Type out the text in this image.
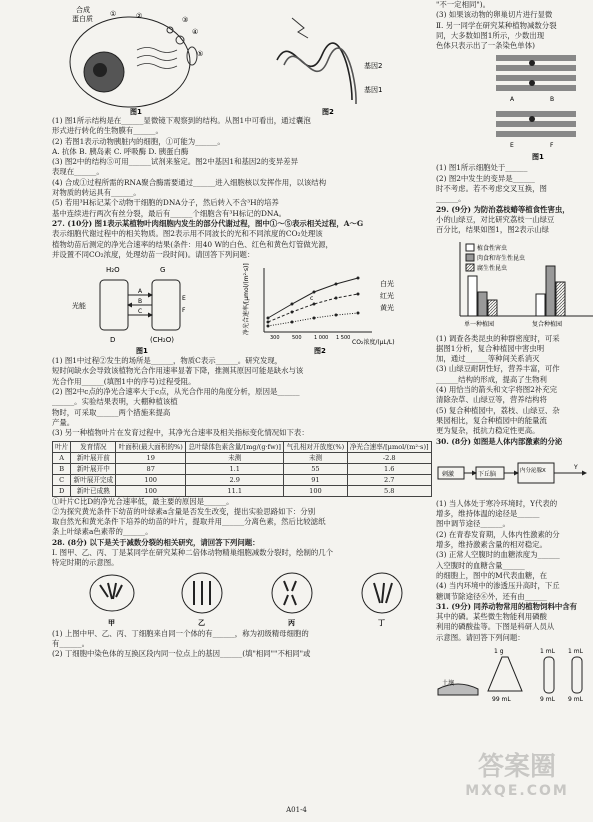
合成
蛋白质
①	②	③
④
⑤
基因2
基因1
图1	图2
(1) 图1所示结构是在______显微镜下观察到的结构。从图1中可看出，通过囊泡
形式进行转化的生物膜有______。
(2) 若图1表示动物胰脏内的细胞，①可能为______。
A. 抗体 B. 胰岛素 C. 呼吸酶 D. 胰蛋白酶
(3) 图2中的结构⑤可用______试剂来鉴定。图2中基因1和基因2的变异差异
表现在______。
(4) 合成①过程所需的RNA聚合酶需要通过______进入细胞核以发挥作用，以该结构
对物质的转运具有______。
(5) 若用³H标记某个动物干细胞的DNA分子，然后转入不含³H的培养
基中连续进行两次有丝分裂，最后有______个细胞含有³H标记的DNA。
27. (10分) 图1表示某植物叶肉细胞内发生的部分代谢过程，图中①～⑤表示相关过程，A～G
表示细胞代谢过程中的相关物质。图2表示用不同波长的光和不同浓度的CO₂处理该
植物幼苗后测定的净光合速率的结果(条件：用40 W的白色、红色和黄色灯管做光源，
并设置不同CO₂浓度，处理幼苗一段时间)。请回答下列问题：
H₂O	G
光能
A
B
C
E
F
D	(CH₂O)
图1
300 500 1 000 1 500
c
净光合速率/[μmol/(m²·s)]
CO₂浓度/(μL/L)
白光
红光
黄光
图2
(1) 图1中过程②发生的场所是______，物质C表示______。研究发现，
短时间缺水会导致该植物光合作用速率显著下降，推测其原因可能是缺水与该
光合作用______(填图1中的序号)过程受阻。
(2) 图2中c点的净光合速率大于c点，从光合作用的角度分析，原因是______
______。实验结果表明，大棚种植该植
物时，可采取______两个措施来提高
产量。
(3) 另一种植物叶片在发育过程中，其净光合速率及相关指标变化情况如下表：
叶片	发育情况	叶面积(最大面积的%)	总叶绿体色素含量/[mg/(g·fw)]	气孔相对开放度(%)	净光合速率/[μmol/(m²·s)]
A	新叶展开前	19	未测	未测	-2.8
B	新叶展开中	87	1.1	55	1.6
C	新叶展开完成	100	2.9	91	2.7
D	新叶已成熟	100	11.1	100	5.8
①叶片C比D的净光合速率低，最主要的原因是______。
②为探究黄光条件下幼苗的叶绿素a含量是否发生改变，提出实验思路如下：分别
取自然光和黄光条件下培养的幼苗的叶片，提取并用______分离色素，然后比较滤纸
条上叶绿素a色素带的______。
28. (8分) 以下是关于减数分裂的相关研究，请回答下列问题：
Ⅰ. 图甲、乙、丙、丁是某同学在研究某种二倍体动物精巢细胞减数分裂时，绘制的几个
特定时期的示意图。
甲	乙	丙	丁
(1) 上图中甲、乙、丙、丁细胞来自同一个体的有______，称为初级精母细胞的
有______。
(2) 丁细胞中染色体的互换区段内同一位点上的基因______(填"相同""不相同"或
"不一定相同")。
(3) 如果该动物的卵巢切片进行显微
Ⅱ. 另一同学在研究某种植物减数分裂
同，大多数如图1所示，少数出现
色体只表示出了一条染色单体)
A	B
E	F
图1
(1) 图1所示细胞处于______
(2) 图2中发生的变异是______
时不考虑。若不考虑交叉互换，图
______。
29. (9分) 为防治荔枝蝽等植食性害虫，
小的山绿豆，对比研究荔枝一山绿豆
百分比，结果如图1，图2表示山绿
植食性害虫
肉食和寄生性昆虫
腐生性昆虫
单一种植园	复合种植园
(1) 调查各类昆虫的种群密度时，可采
据图1分析，复合种植园中害虫明
加，通过______等种间关系消灭
(3) 山绿豆耐阴性好，营养丰富，可作
______结构的形成，提高了生物利
(4) 用恰当的箭头和文字将图2补充完
清除杂草、山绿豆等，营养结构将
(5) 复合种植园中，荔枝、山绿豆、杂
果园相比，复合种植园中的能量流
更为复杂，抵抗力稳定性更高。
30. (8分) 如图是人体内部激素的分泌
刺激	下丘脑	内分泌腺X	Y
(1) 当人体处于寒冷环境时，Y代表的
增多，维持体温的途径是______
图中调节途径______。
(2) 在青春发育期，人体内性激素的分
增多，维持激素含量的相对稳定。
(3) 正常人空腹时的血糖浓度为______
入空腹时的血糖含量______
的细胞上，图中的M代表血糖，在
(4) 当内环境中的渗透压升高时，下丘
糖调节除途径⑥外，还有由______
31. (9分) 同养动物常用的植物饲料中含有
其中的磷。某些微生物能利用磷酸
利用的磷酸盐等。下图是科研人员从
示意图。请回答下列问题：
土壤
1 g	1 mL 1 mL
99 mL	9 mL 9 mL
A01-4
答案圈
MXQE.COM
